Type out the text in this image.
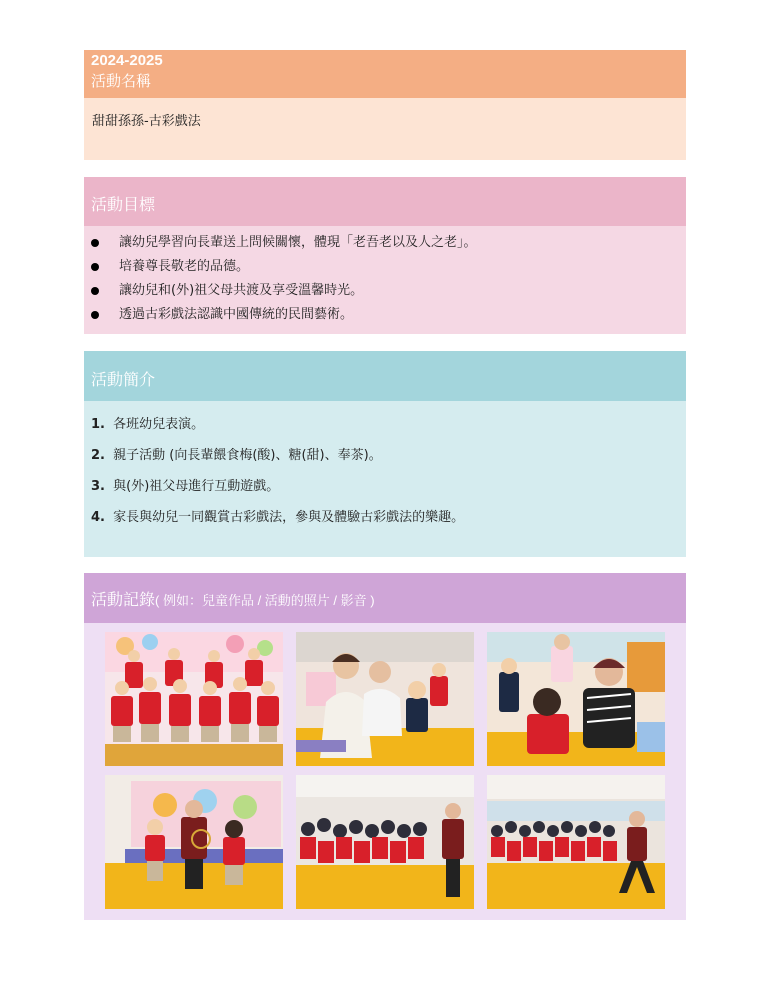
2024-2025
活動名稱
甜甜孫孫-古彩戲法
活動目標
讓幼兒學習向長輩送上問候關懷，體現「老吾老以及人之老」。
培養尊長敬老的品德。
讓幼兒和(外)祖父母共渡及享受溫馨時光。
透過古彩戲法認識中國傳統的民間藝術。
活動簡介
1. 各班幼兒表演。
2. 親子活動 (向長輩餵食梅(酸)、糖(甜)、奉茶)。
3. 與(外)祖父母進行互動遊戲。
4. 家長與幼兒一同觀賞古彩戲法，參與及體驗古彩戲法的樂趣。
活動記錄( 例如：兒童作品 / 活動的照片 / 影音 )
